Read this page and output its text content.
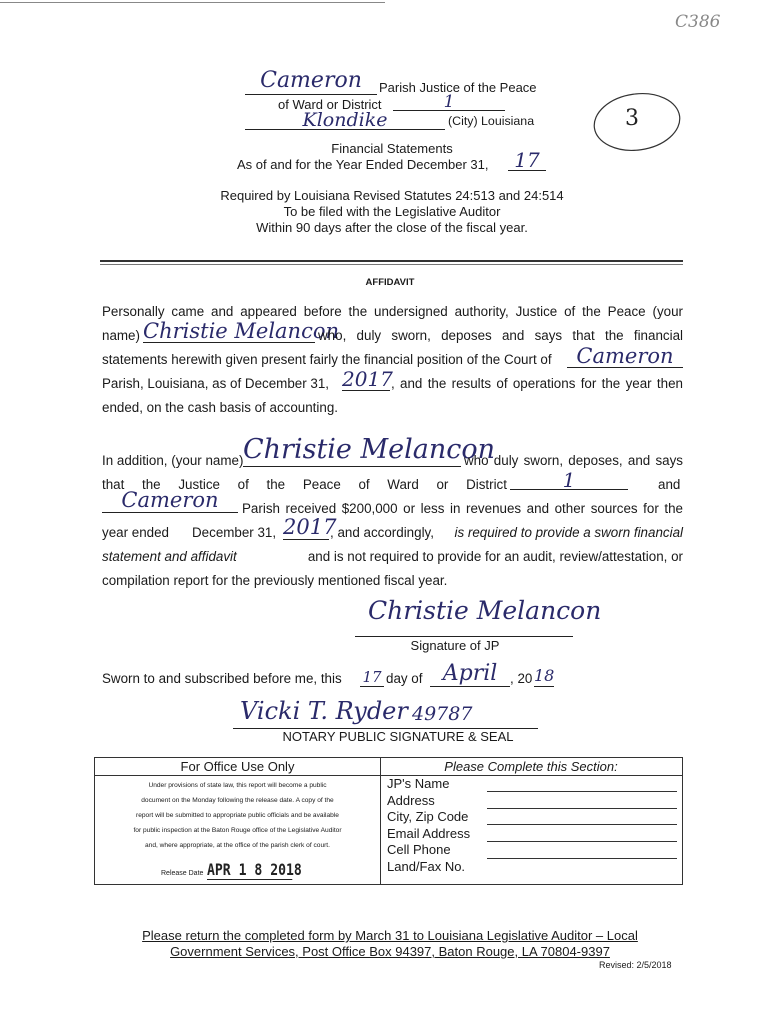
C386
3
Cameron	Parish Justice of the Peace
of Ward or District	1
Klondike	(City) Louisiana
Financial Statements
As of and for the Year Ended December 31,	17
Required by Louisiana Revised Statutes 24:513 and 24:514
To be filed with the Legislative Auditor
Within 90 days after the close of the fiscal year.
AFFIDAVIT
Personally came and appeared before the undersigned authority, Justice of the Peace (your
name) Christie Melancon
who, duly sworn, deposes and says that the financial
statements herewith given present fairly the financial position of the Court of	Cameron
Parish, Louisiana, as of December 31, 2017
, and the results of operations for the year then
ended, on the cash basis of accounting.
In addition, (your name) Christie Melancon
who duly sworn, deposes, and says
that the Justice of the Peace of Ward or District	1	and
Cameron	Parish received $200,000 or less in revenues and other sources for the
year ended December 31, 2017
, and accordingly, is required to provide a sworn financial
statement and affidavit	and is not required to provide for an audit, review/attestation, or
compilation report for the previously mentioned fiscal year.
Christie Melancon
Signature of JP
Sworn to and subscribed before me, this 17 day of April , 20 18
Vicki T. Ryder 49787
NOTARY PUBLIC SIGNATURE & SEAL
For Office Use Only
Under provisions of state law, this report will become a public
document on the Monday following the release date. A copy of the
report will be submitted to appropriate public officials and be available
for public inspection at the Baton Rouge office of the Legislative Auditor
and, where appropriate, at the office of the parish clerk of court.
Release Date APR 1 8 2018
Please Complete this Section:
JP's Name
Address
City, Zip Code
Email Address
Cell Phone
Land/Fax No.
Please return the completed form by March 31 to Louisiana Legislative Auditor – Local
Government Services, Post Office Box 94397, Baton Rouge, LA 70804-9397
Revised: 2/5/2018
